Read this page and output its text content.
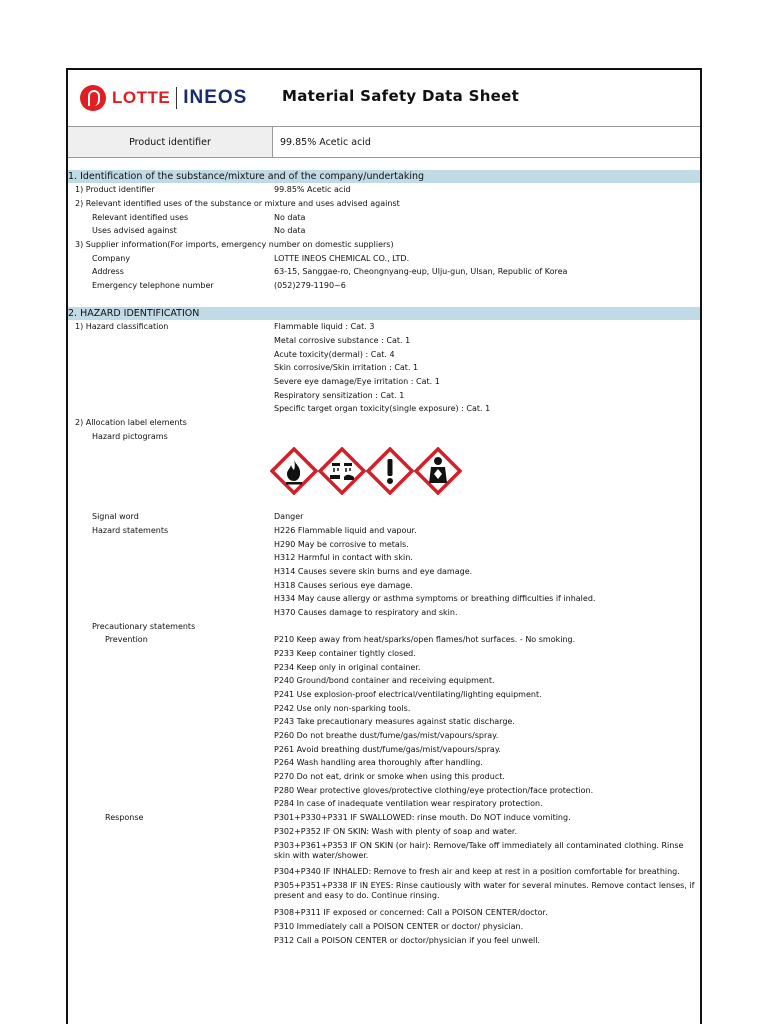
LOTTE INEOS Material Safety Data Sheet
Product identifier	99.85% Acetic acid
1. Identification of the substance/mixture and of the company/undertaking
1) Product identifier	99.85% Acetic acid
2) Relevant identified uses of the substance or mixture and uses advised against
Relevant identified uses	No data
Uses advised against	No data
3) Supplier information(For imports, emergency number on domestic suppliers)
Company	LOTTE INEOS CHEMICAL CO., LTD.
Address	63-15, Sanggae-ro, Cheongnyang-eup, Ulju-gun, Ulsan, Republic of Korea
Emergency telephone number	(052)279-1190~6
2. HAZARD IDENTIFICATION
1) Hazard classification	Flammable liquid : Cat. 3
Metal corrosive substance : Cat. 1
Acute toxicity(dermal) : Cat. 4
Skin corrosive/Skin irritation : Cat. 1
Severe eye damage/Eye irritation : Cat. 1
Respiratory sensitization : Cat. 1
Specific target organ toxicity(single exposure) : Cat. 1
2) Allocation label elements
Hazard pictograms
Signal word	Danger
Hazard statements	H226 Flammable liquid and vapour.
H290 May be corrosive to metals.
H312 Harmful in contact with skin.
H314 Causes severe skin burns and eye damage.
H318 Causes serious eye damage.
H334 May cause allergy or asthma symptoms or breathing difficulties if inhaled.
H370 Causes damage to respiratory and skin.
Precautionary statements
Prevention	P210 Keep away from heat/sparks/open flames/hot surfaces. - No smoking.
P233 Keep container tightly closed.
P234 Keep only in original container.
P240 Ground/bond container and receiving equipment.
P241 Use explosion-proof electrical/ventilating/lighting equipment.
P242 Use only non-sparking tools.
P243 Take precautionary measures against static discharge.
P260 Do not breathe dust/fume/gas/mist/vapours/spray.
P261 Avoid breathing dust/fume/gas/mist/vapours/spray.
P264 Wash handling area thoroughly after handling.
P270 Do not eat, drink or smoke when using this product.
P280 Wear protective gloves/protective clothing/eye protection/face protection.
P284 In case of inadequate ventilation wear respiratory protection.
Response	P301+P330+P331 IF SWALLOWED: rinse mouth. Do NOT induce vomiting.
P302+P352 IF ON SKIN: Wash with plenty of soap and water.
P303+P361+P353 IF ON SKIN (or hair): Remove/Take off immediately all contaminated clothing. Rinse skin with water/shower.
P304+P340 IF INHALED: Remove to fresh air and keep at rest in a position comfortable for breathing.
P305+P351+P338 IF IN EYES: Rinse cautiously with water for several minutes. Remove contact lenses, if present and easy to do. Continue rinsing.
P308+P311 IF exposed or concerned: Call a POISON CENTER/doctor.
P310 Immediately call a POISON CENTER or doctor/ physician.
P312 Call a POISON CENTER or doctor/physician if you feel unwell.
